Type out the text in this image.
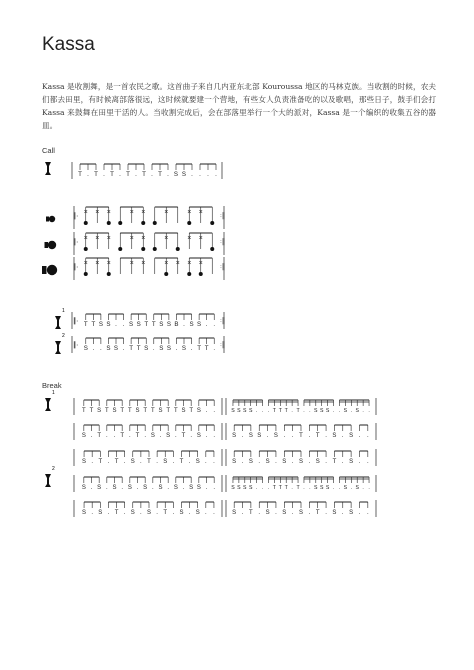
Kassa
Kassa 是收割舞，是一首农民之歌。这首曲子来自几内亚东北部 Kouroussa 地区的马林克族。当收割的时候，农夫们都去田里，有时候离部落很远，这时候就要建一个营地，有些女人负责准备吃的以及歌唱，那些日子，鼓手们会打 Kassa 来鼓舞在田里干活的人。当收割完成后，会在部落里举行一个大的派对，Kassa 是一个编织的收集五谷的器皿。
Call
Break
1
2
1
2
T . T . T . T . T . T . S S . . . .
𝄆	𝄇
× × ×	× ×	×	× ×
𝄆	𝄇
× × ×	× ×	×	× ×
𝄆	𝄇
× × ×	× ×	× × × ×
𝄆	𝄇
T T S S . . S S T T S S B . S S . .
𝄆	𝄇
S . . S S . T T S . S S . S . T T .
T T S T S T T S T T S T T S T S . .	S S S S . . . T T T . T . . S S S . . S . S . .
S . T . . T . T . S . S . T . S . .	S . S S . S . . T . T . S . S . .
S . T . T . S . T . S . T . S . .	S . S . S . S . S . S . T . S . .
S . S . S . S . S . S . S . S S . .	S S S S . . . T T T . T . . S S S . . S . S . .
S . S . T . S . S . T . S . S . .	S . T . S . S . S . T . S . S . .
